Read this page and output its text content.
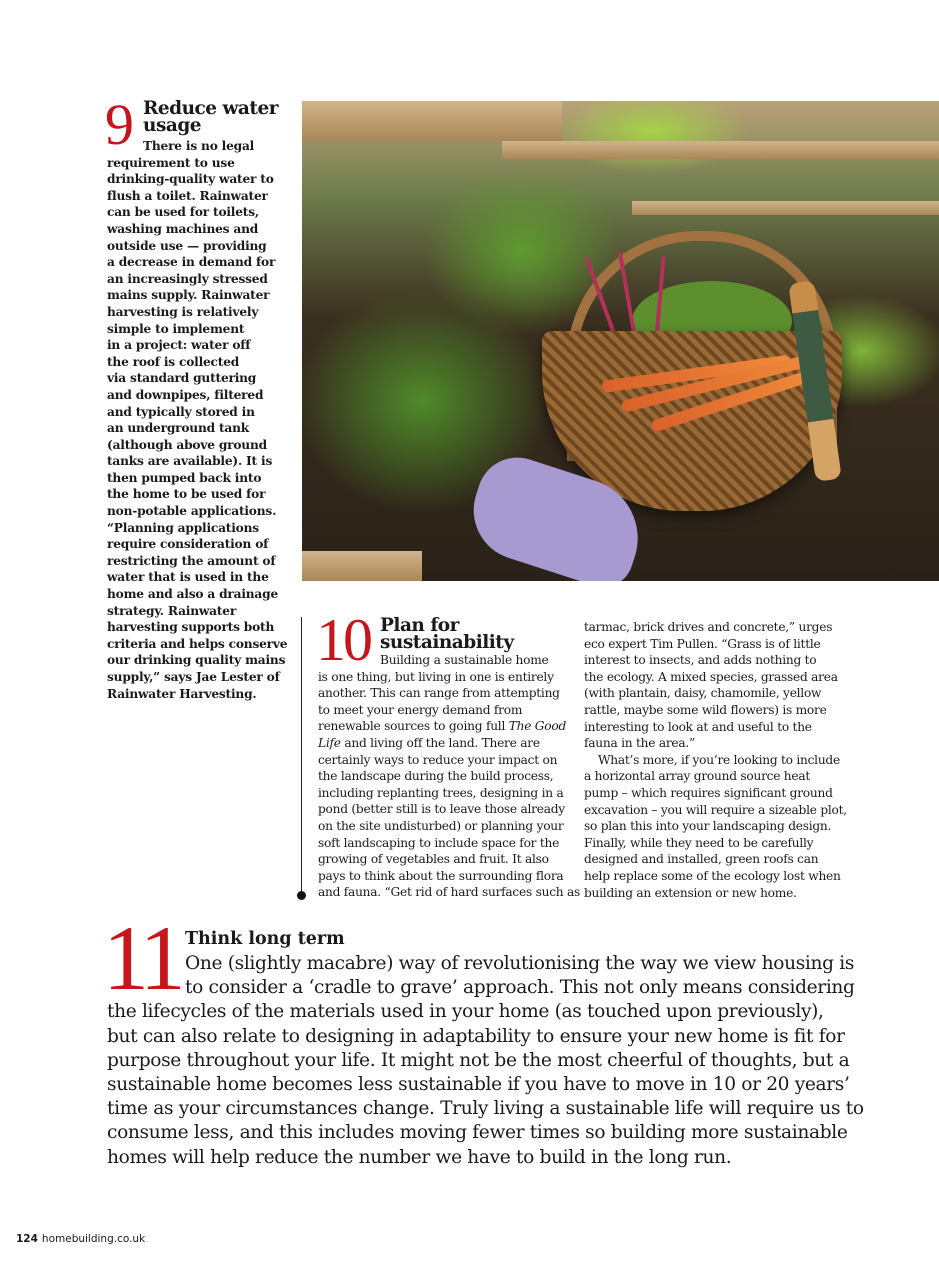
9 Reduce water usage
There is no legal
requirement to use
drinking-quality water to
flush a toilet. Rainwater
can be used for toilets,
washing machines and
outside use — providing
a decrease in demand for
an increasingly stressed
mains supply. Rainwater
harvesting is relatively
simple to implement
in a project: water off
the roof is collected
via standard guttering
and downpipes, filtered
and typically stored in
an underground tank
(although above ground
tanks are available). It is
then pumped back into
the home to be used for
non-potable applications.
“Planning applications
require consideration of
restricting the amount of
water that is used in the
home and also a drainage
strategy. Rainwater
harvesting supports both
criteria and helps conserve
our drinking quality mains
supply,” says Jae Lester of
Rainwater Harvesting.
10 Plan for sustainability
Building a sustainable home
is one thing, but living in one is entirely
another. This can range from attempting
to meet your energy demand from
renewable sources to going full The Good
Life and living off the land. There are
certainly ways to reduce your impact on
the landscape during the build process,
including replanting trees, designing in a
pond (better still is to leave those already
on the site undisturbed) or planning your
soft landscaping to include space for the
growing of vegetables and fruit. It also
pays to think about the surrounding flora
and fauna. “Get rid of hard surfaces such as
tarmac, brick drives and concrete,” urges
eco expert Tim Pullen. “Grass is of little
interest to insects, and adds nothing to
the ecology. A mixed species, grassed area
(with plantain, daisy, chamomile, yellow
rattle, maybe some wild flowers) is more
interesting to look at and useful to the
fauna in the area.”
What’s more, if you’re looking to include
a horizontal array ground source heat
pump – which requires significant ground
excavation – you will require a sizeable plot,
so plan this into your landscaping design.
Finally, while they need to be carefully
designed and installed, green roofs can
help replace some of the ecology lost when
building an extension or new home.
11 Think long term
One (slightly macabre) way of revolutionising the way we view housing is
to consider a ‘cradle to grave’ approach. This not only means considering
the lifecycles of the materials used in your home (as touched upon previously),
but can also relate to designing in adaptability to ensure your new home is fit for
purpose throughout your life. It might not be the most cheerful of thoughts, but a
sustainable home becomes less sustainable if you have to move in 10 or 20 years’
time as your circumstances change. Truly living a sustainable life will require us to
consume less, and this includes moving fewer times so building more sustainable
homes will help reduce the number we have to build in the long run.
124 homebuilding.co.uk
